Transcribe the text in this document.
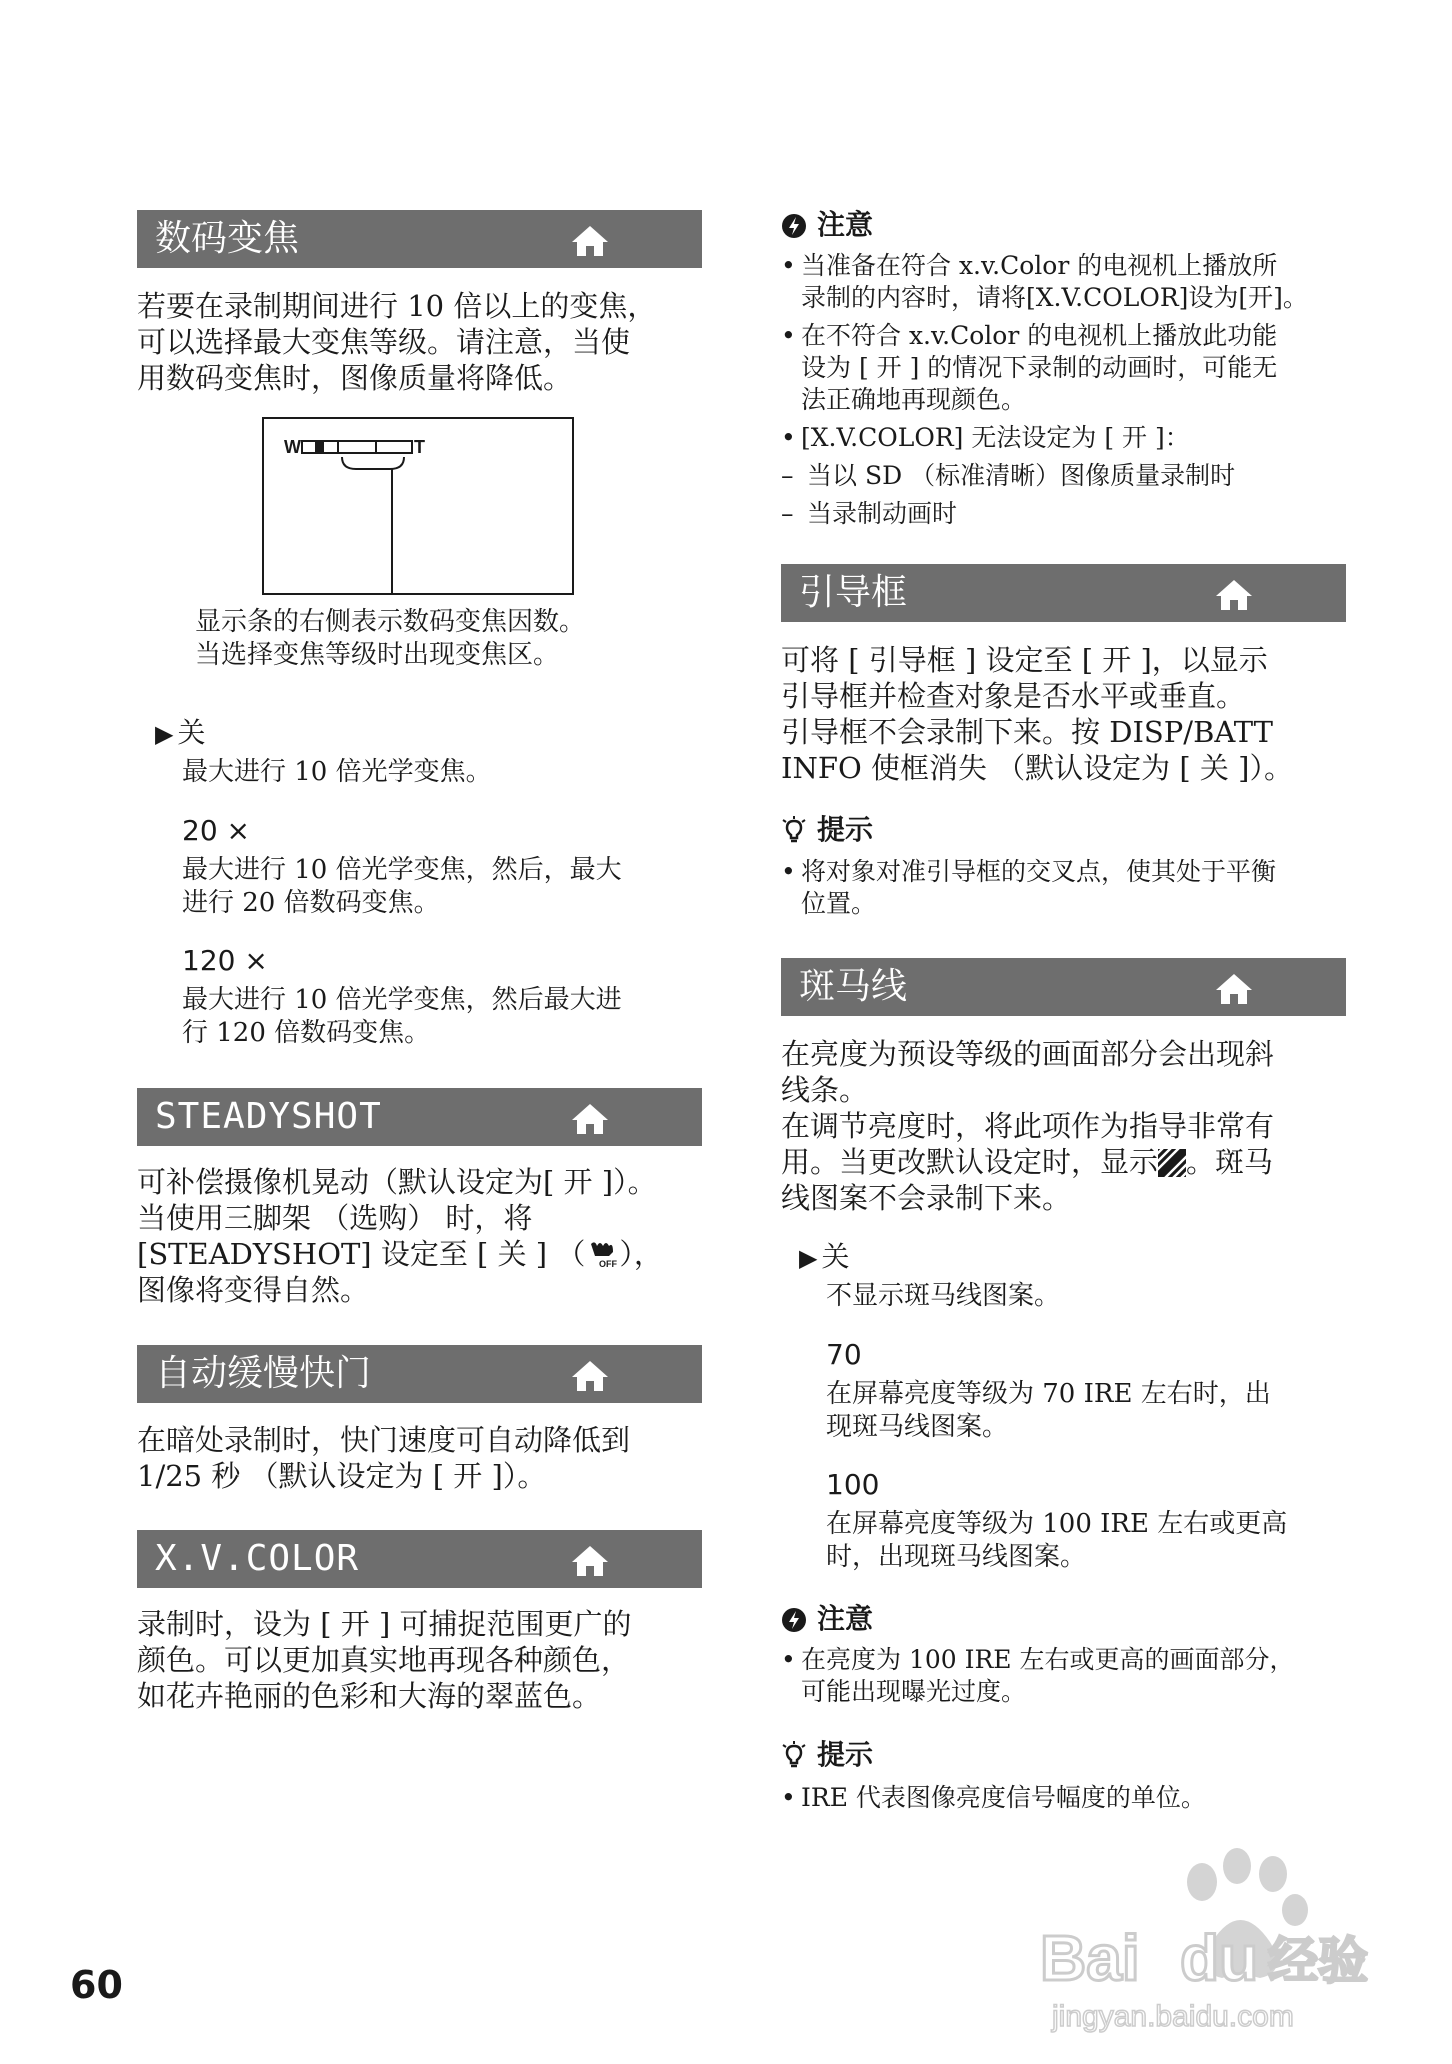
数码变焦

若要在录制期间进行 10 倍以上的变焦，

可以选择最大变焦等级。请注意，当使

用数码变焦时，图像质量将降低。

W	T
显示条的右侧表示数码变焦因数。
当选择变焦等级时出现变焦区。
▶ 关
最大进行 10 倍光学变焦。
20 ×
最大进行 10 倍光学变焦，然后，最大
进行 20 倍数码变焦。
120 ×
最大进行 10 倍光学变焦，然后最大进
行 120 倍数码变焦。
STEADYSHOT

可补偿摄像机晃动（默认设定为[ 开 ]）。

当使用三脚架 （选购） 时，将

[STEADYSHOT] 设定至 [ 关 ] （ OFF ），

图像将变得自然。

自动缓慢快门

在暗处录制时，快门速度可自动降低到

1/25 秒 （默认设定为 [ 开 ]）。

X.V.COLOR

录制时，设为 [ 开 ] 可捕捉范围更广的

颜色。可以更加真实地再现各种颜色，

如花卉艳丽的色彩和大海的翠蓝色。

注意
• 当准备在符合 x.v.Color 的电视机上播放所
录制的内容时，请将[X.V.COLOR]设为[开]。
• 在不符合 x.v.Color 的电视机上播放此功能
设为 [ 开 ] 的情况下录制的动画时，可能无
法正确地再现颜色。
• [X.V.COLOR] 无法设定为 [ 开 ]：
– 当以 SD （标准清晰）图像质量录制时
– 当录制动画时
引导框

可将 [ 引导框 ] 设定至 [ 开 ]，以显示

引导框并检查对象是否水平或垂直。

引导框不会录制下来。按 DISP/BATT

INFO 使框消失 （默认设定为 [ 关 ]）。

提示
• 将对象对准引导框的交叉点，使其处于平衡
位置。
斑马线

在亮度为预设等级的画面部分会出现斜

线条。

在调节亮度时，将此项作为指导非常有

用。当更改默认设定时，显示 。斑马

线图案不会录制下来。

▶ 关
不显示斑马线图案。
70
在屏幕亮度等级为 70 IRE 左右时，出
现斑马线图案。
100
在屏幕亮度等级为 100 IRE 左右或更高
时，出现斑马线图案。
注意
• 在亮度为 100 IRE 左右或更高的画面部分，
可能出现曝光过度。
提示
• IRE 代表图像亮度信号幅度的单位。
60	Bai du 经验
jingyan.baidu.com
